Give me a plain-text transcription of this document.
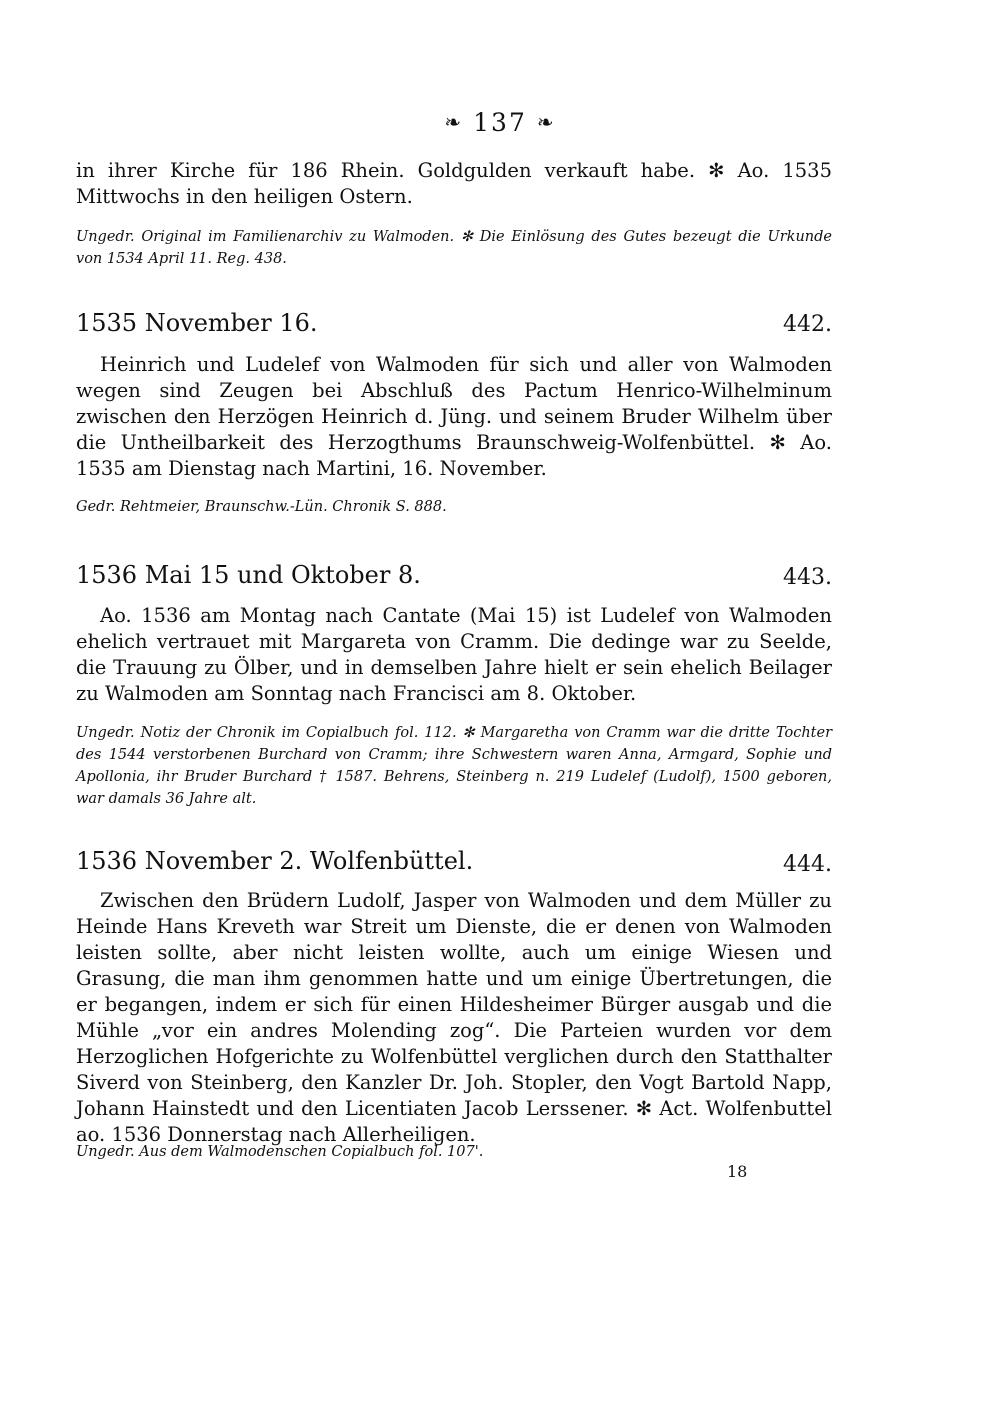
❧ 137 ❧

in ihrer Kirche für 186 Rhein. Goldgulden verkauft habe. ✻ Ao. 1535 Mittwochs in den heiligen Ostern.

Ungedr. Original im Familienarchiv zu Walmoden. ✻ Die Einlösung des Gutes bezeugt die Urkunde von 1534 April 11. Reg. 438.

1535 November 16.	442.

Heinrich und Ludelef von Walmoden für sich und aller von Walmoden wegen sind Zeugen bei Abschluß des Pactum Henrico-Wilhelminum zwischen den Herzögen Heinrich d. Jüng. und seinem Bruder Wilhelm über die Untheilbarkeit des Herzogthums Braunschweig-Wolfenbüttel. ✻ Ao. 1535 am Dienstag nach Martini, 16. November.

Gedr. Rehtmeier, Braunschw.-Lün. Chronik S. 888.

1536 Mai 15 und Oktober 8.	443.

Ao. 1536 am Montag nach Cantate (Mai 15) ist Ludelef von Walmoden ehelich vertrauet mit Margareta von Cramm. Die dedinge war zu Seelde, die Trauung zu Ölber, und in demselben Jahre hielt er sein ehelich Beilager zu Walmoden am Sonntag nach Francisci am 8. Oktober.

Ungedr. Notiz der Chronik im Copialbuch fol. 112. ✻ Margaretha von Cramm war die dritte Tochter des 1544 verstorbenen Burchard von Cramm; ihre Schwestern waren Anna, Armgard, Sophie und Apollonia, ihr Bruder Burchard † 1587. Behrens, Steinberg n. 219 Ludelef (Ludolf), 1500 geboren, war damals 36 Jahre alt.

1536 November 2. Wolfenbüttel.	444.

Zwischen den Brüdern Ludolf, Jasper von Walmoden und dem Müller zu Heinde Hans Kreveth war Streit um Dienste, die er denen von Walmoden leisten sollte, aber nicht leisten wollte, auch um einige Wiesen und Grasung, die man ihm genommen hatte und um einige Übertretungen, die er begangen, indem er sich für einen Hildesheimer Bürger ausgab und die Mühle „vor ein andres Molending zog“. Die Parteien wurden vor dem Herzoglichen Hofgerichte zu Wolfenbüttel verglichen durch den Statthalter Siverd von Steinberg, den Kanzler Dr. Joh. Stopler, den Vogt Bartold Napp, Johann Hainstedt und den Licentiaten Jacob Lerssener. ✻ Act. Wolfenbuttel ao. 1536 Donnerstag nach Allerheiligen.

Ungedr. Aus dem Walmodenschen Copialbuch fol. 107'.

18
